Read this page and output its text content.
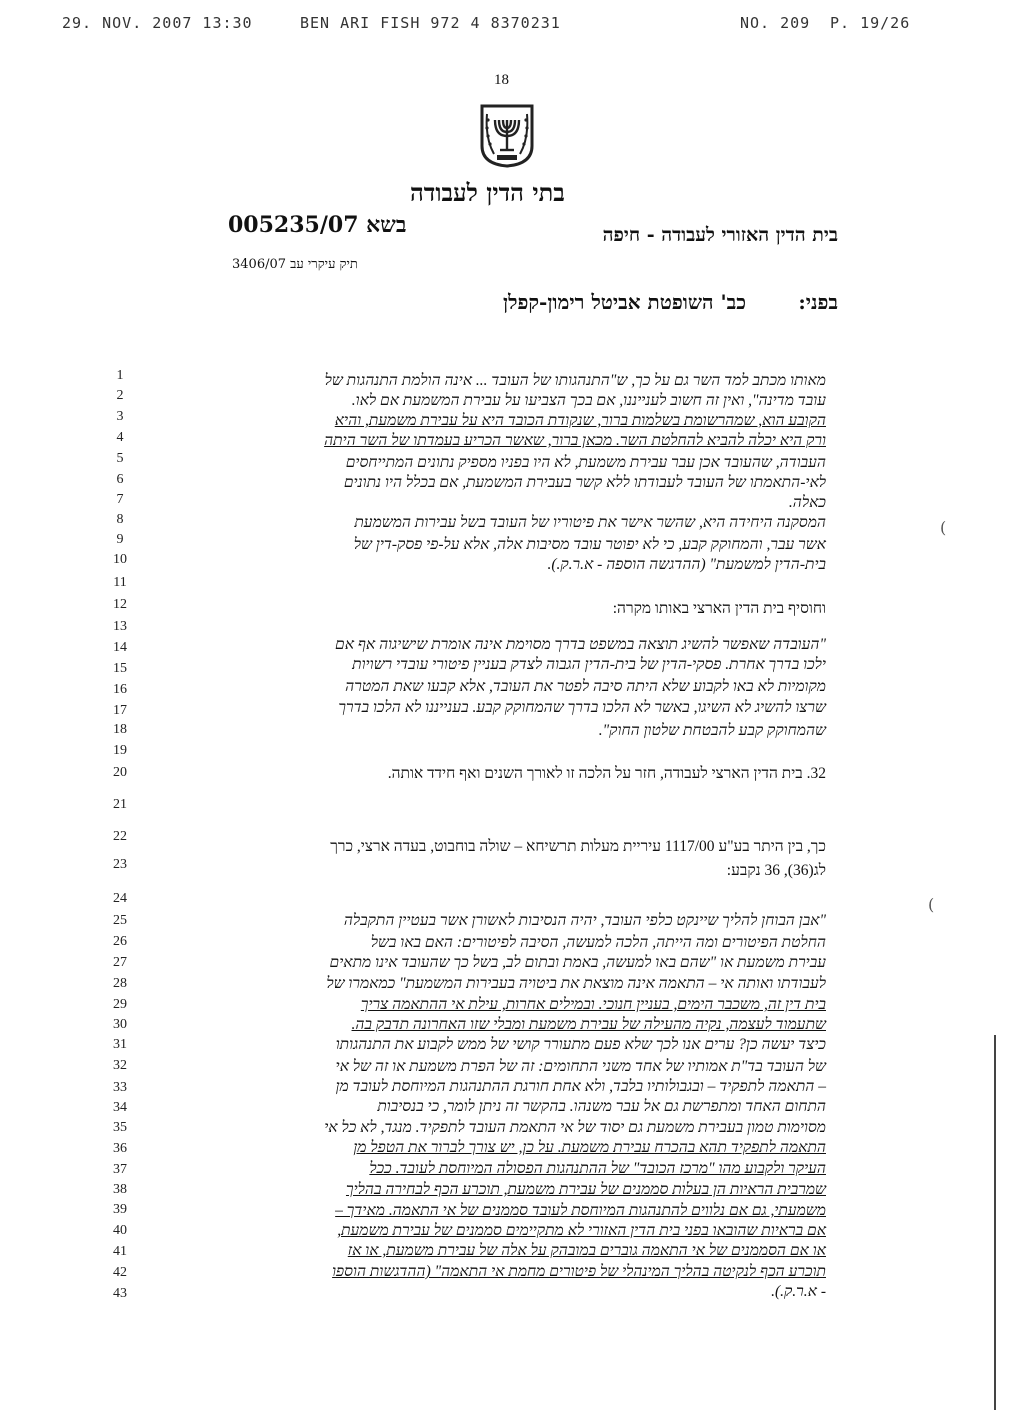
29. NOV. 2007 13:30	BEN ARI FISH 972 4 8370231	NO. 209 P. 19/26
18
בתי הדין לעבודה
בשא 005235/07
תיק עיקרי עב 3406/07
בית הדין האזורי לעבודה - חיפה
בפני:
כב' השופטת אביטל רימון-קפלן
1
2
3
4
5
6
7
8
9
10
11
12
13
14
15
16
17
18
19
20
21
22
23
24
25
26
27
28
29
30
31
32
33
34
35
36
37
38
39
40
41
42
43
מאותו מכתב למד השר גם על כך, ש"התנהגותו של העובד ... אינה הולמת התנהגות של
עובד מדינה", ואין זה חשוב לענייננו, אם בכך הצביעו על עבירת המשמעת אם לאו.
הקובע הוא, שמהרשומת בשלמות ברור, שנקודת הכובד היא על עבירת משמעת, והיא
ורק היא יכלה להביא להחלטת השר. מכאן ברור, שאשר הכריע בעמדתו של השר היתה
העבודה, שהעובד אכן עבר עבירת משמעת, לא היו בפניו מספיק נתונים המתייחסים
לאי-התאמתו של העובד לעבודתו ללא קשר בעבירת המשמעת, אם בכלל היו נתונים
כאלה.
המסקנה היחידה היא, שהשר אישר את פיטוריו של העובד בשל עבירות המשמעת
אשר עבר, והמחוקק קבע, כי לא יפוטר עובד מסיבות אלה, אלא על-פי פסק-דין של
בית-הדין למשמעת" (ההדגשה הוספה - א.ר.ק.).
וחוסיף בית הדין הארצי באותו מקרה:
"העובדה שאפשר להשיג תוצאה במשפט בדרך מסוימת אינה אומרת שישיגוה אף אם
ילכו בדרך אחרת. פסקי-הדין של בית-הדין הגבוה לצדק בעניין פיטורי עובדי רשויות
מקומיות לא באו לקבוע שלא היתה סיבה לפטר את העובד, אלא קבעו שאת המטרה
שרצו להשיג לא השיגו, באשר לא הלכו בדרך שהמחוקק קבע. בענייננו לא הלכו בדרך
שהמחוקק קבע להבטחת שלטון החוק".
32. בית הדין הארצי לעבודה, חזר על הלכה זו לאורך השנים ואף חידד אותה.
כך, בין היתר בע"ע 1117/00 עיריית מעלות תרשיחא – שולה בוחבוט, בעדה ארצי, כרך
לג(36), 36 נקבע:
"אבן הבוחן להליך שיינקט כלפי העובד, יהיה הנסיבות לאשורן אשר בעטיין התקבלה
החלטת הפיטורים ומה הייתה, הלכה למעשה, הסיבה לפיטורים: האם באו בשל
עבירת משמעת או "שהם באו למעשה, באמת ובתום לב, בשל כך שהעובד אינו מתאים
לעבודתו ואותה אי – התאמה אינה מוצאת את ביטויה בעבירות המשמעת" כמאמרו של
בית דין זה, משכבר הימים, בעניין חנוכי. ובמילים אחרות, עילת אי ההתאמה צריך
שתעמוד לעצמה, נקיה מהעילה של עבירת משמעת ומבלי שזו האחרונה תדבק בה.
כיצד יעשה כן? ערים אנו לכך שלא פעם מתעורר קושי של ממש לקבוע את התנהגותו
של העובד בד"ת אמותיו של אחד משני התחומים: זה של הפרת משמעת או זה של אי
– התאמה לתפקיד – ובגבולותיו בלבד, ולא אחת חורגת ההתנהגות המיוחסת לעובד מן
התחום האחד ומתפרשת גם אל עבר משנהו. בהקשר זה ניתן לומר, כי בנסיבות
מסוימות טמון בעבירת משמעת גם יסוד של אי התאמת העובד לתפקיד. מנגד, לא כל אי
התאמה לתפקיד תהא בהכרח עבירת משמעת. על כן, יש צורך לברור את הטפל מן
העיקר ולקבוע מהו "מרכז הכובד" של ההתנהגות הפסולה המיוחסת לעובד. ככל
שמרבית הראיות הן בעלות סממנים של עבירת משמעת, תוכרע הכף לבחירה בהליך
משמעתי, גם אם נלווים להתנהגות המיוחסת לעובד סממנים של אי התאמה. מאידך –
אם בראיות שהובאו בפני בית הדין האזורי לא מתקיימים סממנים של עבירת משמעת,
או אם הסממנים של אי התאמה גוברים במובהק על אלה של עבירת משמעת, או אז
תוכרע הכף לנקיטה בהליך המינהלי של פיטורים מחמת אי התאמה" (ההדגשות הוספו
- א.ר.ק.).
(
(
